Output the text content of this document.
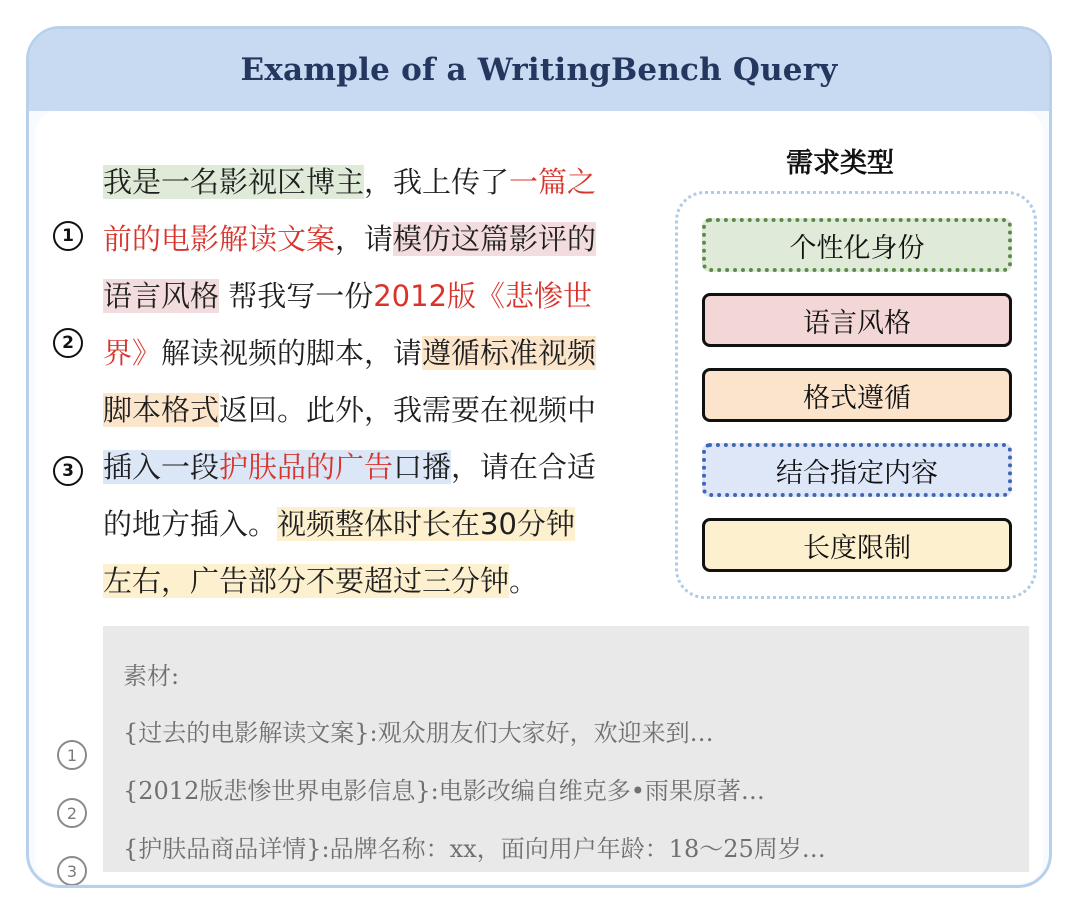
Example of a WritingBench Query
我是一名影视区博主，我上传了一篇之
前的电影解读文案，请模仿这篇影评的
语言风格 帮我写一份2012版《悲惨世
界》解读视频的脚本，请遵循标准视频
脚本格式返回。此外，我需要在视频中
插入一段护肤品的广告口播，请在合适
的地方插入。视频整体时长在30分钟
左右，广告部分不要超过三分钟。
1
2
3
需求类型
个性化身份
语言风格
格式遵循
结合指定内容
长度限制
素材:
{过去的电影解读文案}:观众朋友们大家好，欢迎来到…
{2012版悲惨世界电影信息}:电影改编自维克多•雨果原著…
{护肤品商品详情}:品牌名称：xx，面向用户年龄：18〜25周岁…
1
2
3
